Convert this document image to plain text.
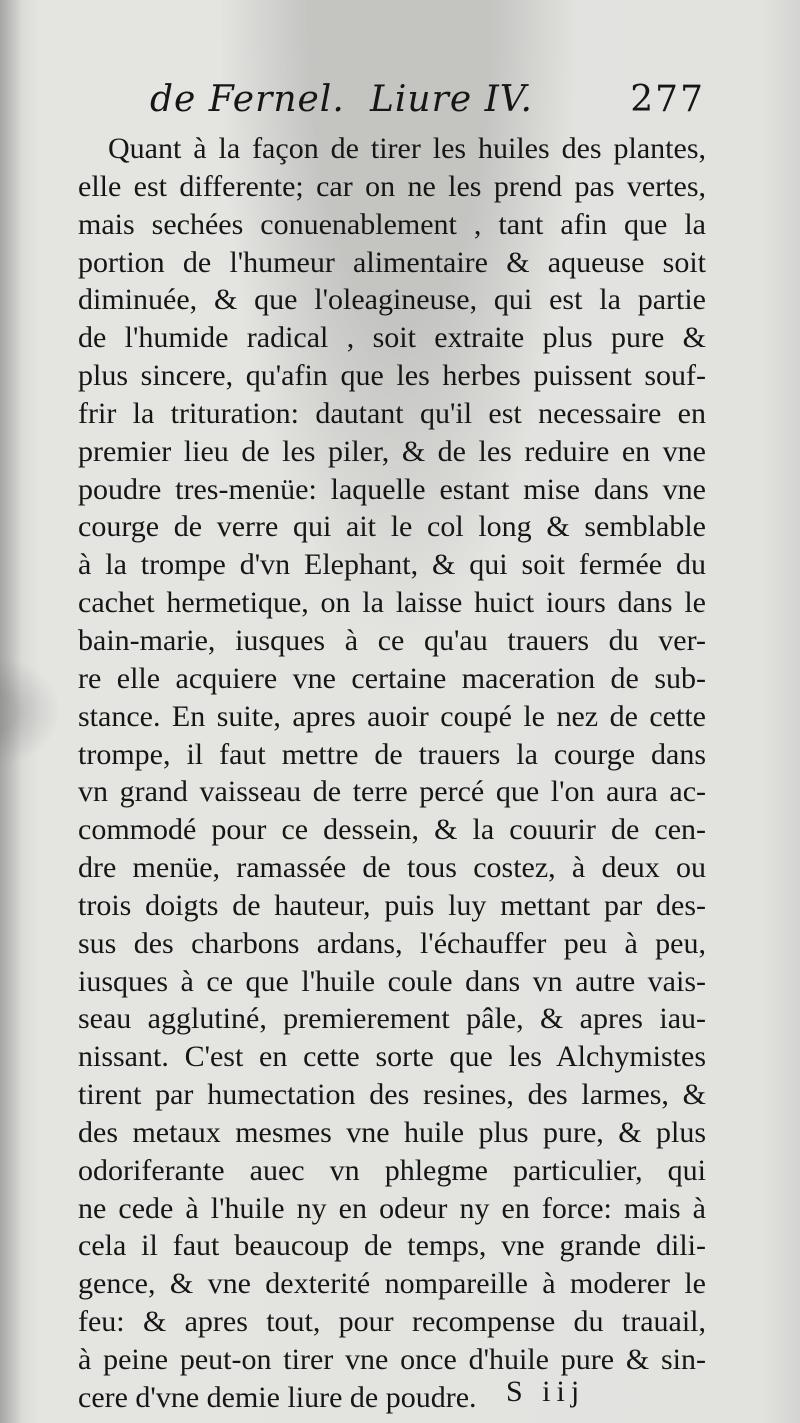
de Fernel. Liure IV.	277
Quant à la façon de tirer les huiles des plantes,
elle est differente; car on ne les prend pas vertes,
mais sechées conuenablement , tant afin que la
portion de l'humeur alimentaire & aqueuse soit
diminuée, & que l'oleagineuse, qui est la partie
de l'humide radical , soit extraite plus pure &
plus sincere, qu'afin que les herbes puissent souf-
frir la trituration: dautant qu'il est necessaire en
premier lieu de les piler, & de les reduire en vne
poudre tres-menüe: laquelle estant mise dans vne
courge de verre qui ait le col long & semblable
à la trompe d'vn Elephant, & qui soit fermée du
cachet hermetique, on la laisse huict iours dans le
bain-marie, iusques à ce qu'au trauers du ver-
re elle acquiere vne certaine maceration de sub-
stance. En suite, apres auoir coupé le nez de cette
trompe, il faut mettre de trauers la courge dans
vn grand vaisseau de terre percé que l'on aura ac-
commodé pour ce dessein, & la couurir de cen-
dre menüe, ramassée de tous costez, à deux ou
trois doigts de hauteur, puis luy mettant par des-
sus des charbons ardans, l'échauffer peu à peu,
iusques à ce que l'huile coule dans vn autre vais-
seau agglutiné, premierement pâle, & apres iau-
nissant. C'est en cette sorte que les Alchymistes
tirent par humectation des resines, des larmes, &
des metaux mesmes vne huile plus pure, & plus
odoriferante auec vn phlegme particulier, qui
ne cede à l'huile ny en odeur ny en force: mais à
cela il faut beaucoup de temps, vne grande dili-
gence, & vne dexterité nompareille à moderer le
feu: & apres tout, pour recompense du trauail,
à peine peut-on tirer vne once d'huile pure & sin-
cere d'vne demie liure de poudre. S iij
